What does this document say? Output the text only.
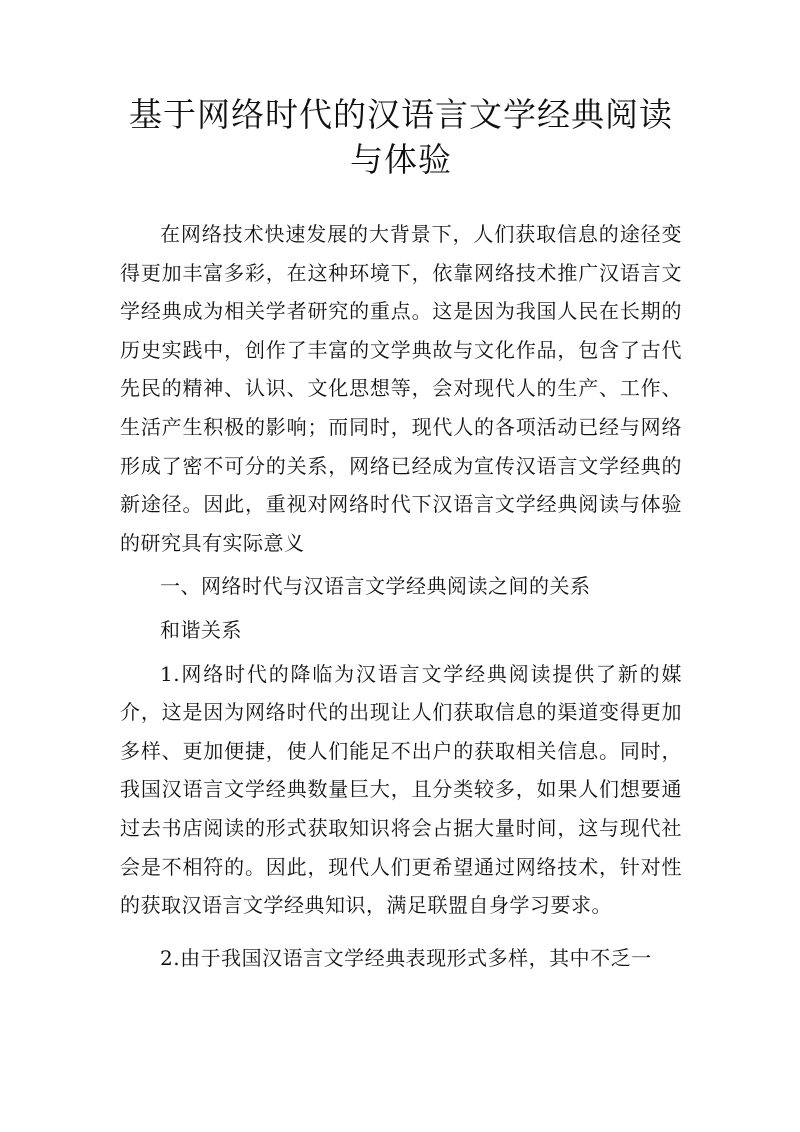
基于网络时代的汉语言文学经典阅读与体验

在网络技术快速发展的大背景下，人们获取信息的途径变得更加丰富多彩，在这种环境下，依靠网络技术推广汉语言文学经典成为相关学者研究的重点。这是因为我国人民在长期的历史实践中，创作了丰富的文学典故与文化作品，包含了古代先民的精神、认识、文化思想等，会对现代人的生产、工作、生活产生积极的影响；而同时，现代人的各项活动已经与网络形成了密不可分的关系，网络已经成为宣传汉语言文学经典的新途径。因此，重视对网络时代下汉语言文学经典阅读与体验的研究具有实际意义

一、网络时代与汉语言文学经典阅读之间的关系

和谐关系

1.网络时代的降临为汉语言文学经典阅读提供了新的媒介，这是因为网络时代的出现让人们获取信息的渠道变得更加多样、更加便捷，使人们能足不出户的获取相关信息。同时，我国汉语言文学经典数量巨大，且分类较多，如果人们想要通过去书店阅读的形式获取知识将会占据大量时间，这与现代社会是不相符的。因此，现代人们更希望通过网络技术，针对性的获取汉语言文学经典知识，满足联盟自身学习要求。

2.由于我国汉语言文学经典表现形式多样，其中不乏一
